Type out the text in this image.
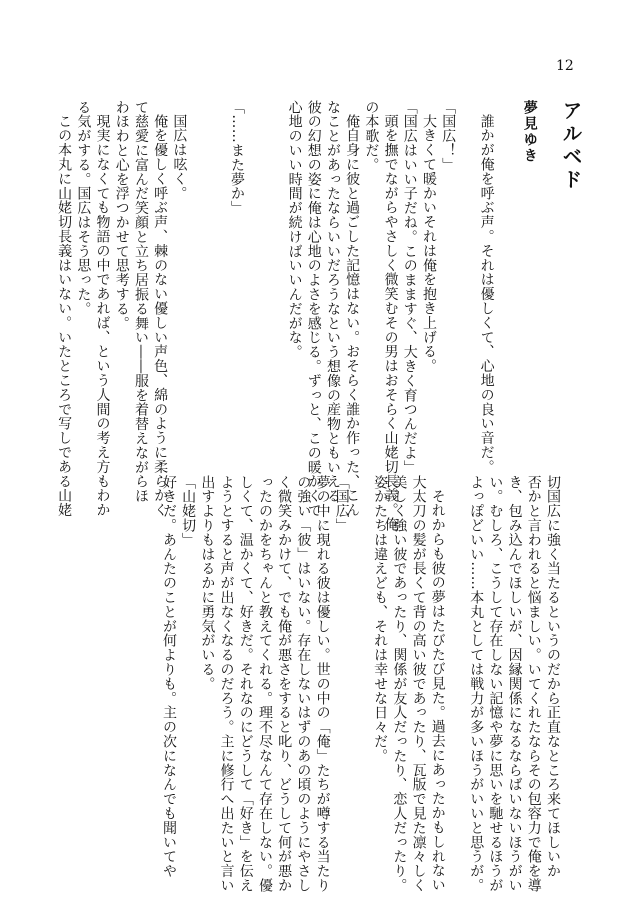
12
アルベド
夢見ゆき

誰かが俺を呼ぶ声。それは優しくて、心地の良い音だ。

「国広！」

大きくて暖かいそれは俺を抱き上げる。

「国広はいい子だね。このまますぐ、大きく育つんだよ」

頭を撫でながらやさしく微笑むその男はおそらく山姥切長義。俺

の本歌だ。

俺自身に彼と過ごした記憶はない。おそらく誰か作った、こん

なことがあったならいいだろうなという想像の産物ともいえる

彼の幻想の姿に俺は心地のよさを感じる。ずっと、この暖かくて

心地のいい時間が続けばいいんだがな。

「……また夢か」

国広は呟く。

俺を優しく呼ぶ声、棘のない優しい声色、綿のように柔らかく

て慈愛に富んだ笑顔と立ち居振る舞い――服を着替えながらほ

わほわと心を浮つかせて思考する。

現実になくても物語の中であれば、という人間の考え方もわか

る気がする。国広はそう思った。

この本丸に山姥切長義はいない。いたところで写しである山姥

切国広に強く当たるというのだから正直なところ来てほしいか

否かと言われると悩ましい。いてくれたならその包容力で俺を導

き、包み込んでほしいが、因縁関係になるならばいないほうがい

い。むしろ、こうして存在しない記憶や夢に思いを馳せるほうが

よっぽどいい……本丸としては戦力が多いほうがいいと思うが。

それからも彼の夢はたびたび見た。過去にあったかもしれない

大太刀の髪が長くて背の高い彼であったり、瓦版で見た凛々しく

美しく強い彼であったり、関係が友人だったり、恋人だったり。

姿かたちは違えども、それは幸せな日々だ。

「国広」

夢の中に現れる彼は優しい。世の中の「俺」たちが噂する当たり

の強い「彼」はいない。存在しないはずのあの頃のようにやさし

く微笑みかけて、でも俺が悪さをすると叱り、どうして何が悪か

ったのかをちゃんと教えてくれる。理不尽なんて存在しない。優

しくて、温かくて、好きだ。それなのにどうして「好き」を伝え

ようとすると声が出なくなるのだろう。主に修行へ出たいと言い

出すよりもはるかに勇気がいる。

「山姥切」

好きだ。あんたのことが何よりも。主の次になんでも聞いてや
